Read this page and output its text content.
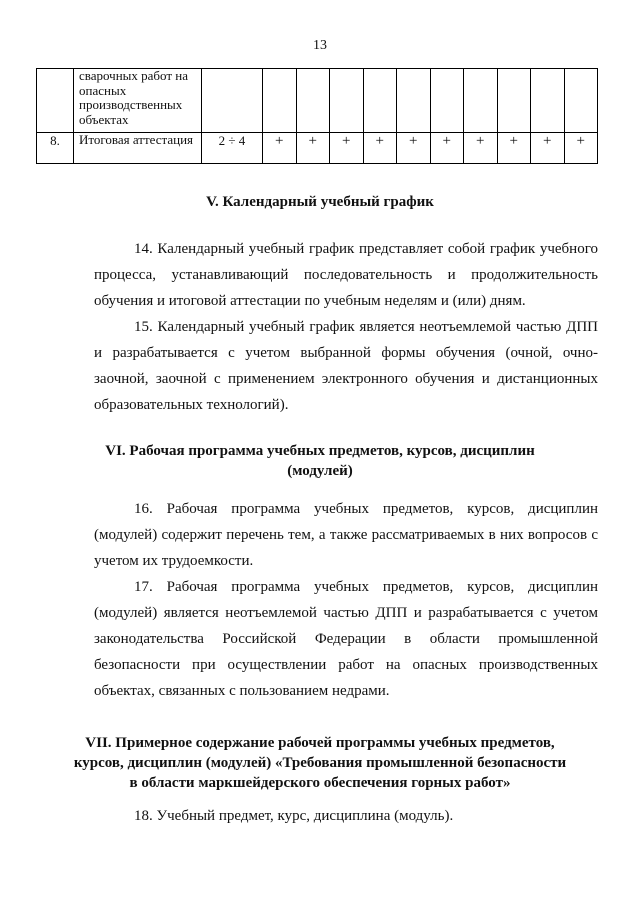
13
	сварочных работ на опасных производственных объектах											
8.	Итоговая аттестация	2 ÷ 4	+	+	+	+	+	+	+	+	+	+
V. Календарный учебный график
14. Календарный учебный график представляет собой график учебного процесса, устанавливающий последовательность и продолжительность обучения и итоговой аттестации по учебным неделям и (или) дням.
15. Календарный учебный график является неотъемлемой частью ДПП и разрабатывается с учетом выбранной формы обучения (очной, очно-заочной, заочной с применением электронного обучения и дистанционных образовательных технологий).
VI. Рабочая программа учебных предметов, курсов, дисциплин
(модулей)
16. Рабочая программа учебных предметов, курсов, дисциплин (модулей) содержит перечень тем, а также рассматриваемых в них вопросов с учетом их трудоемкости.
17. Рабочая программа учебных предметов, курсов, дисциплин (модулей) является неотъемлемой частью ДПП и разрабатывается с учетом законодательства Российской Федерации в области промышленной безопасности при осуществлении работ на опасных производственных объектах, связанных с пользованием недрами.
VII. Примерное содержание рабочей программы учебных предметов,
курсов, дисциплин (модулей) «Требования промышленной безопасности
в области маркшейдерского обеспечения горных работ»
18. Учебный предмет, курс, дисциплина (модуль).
